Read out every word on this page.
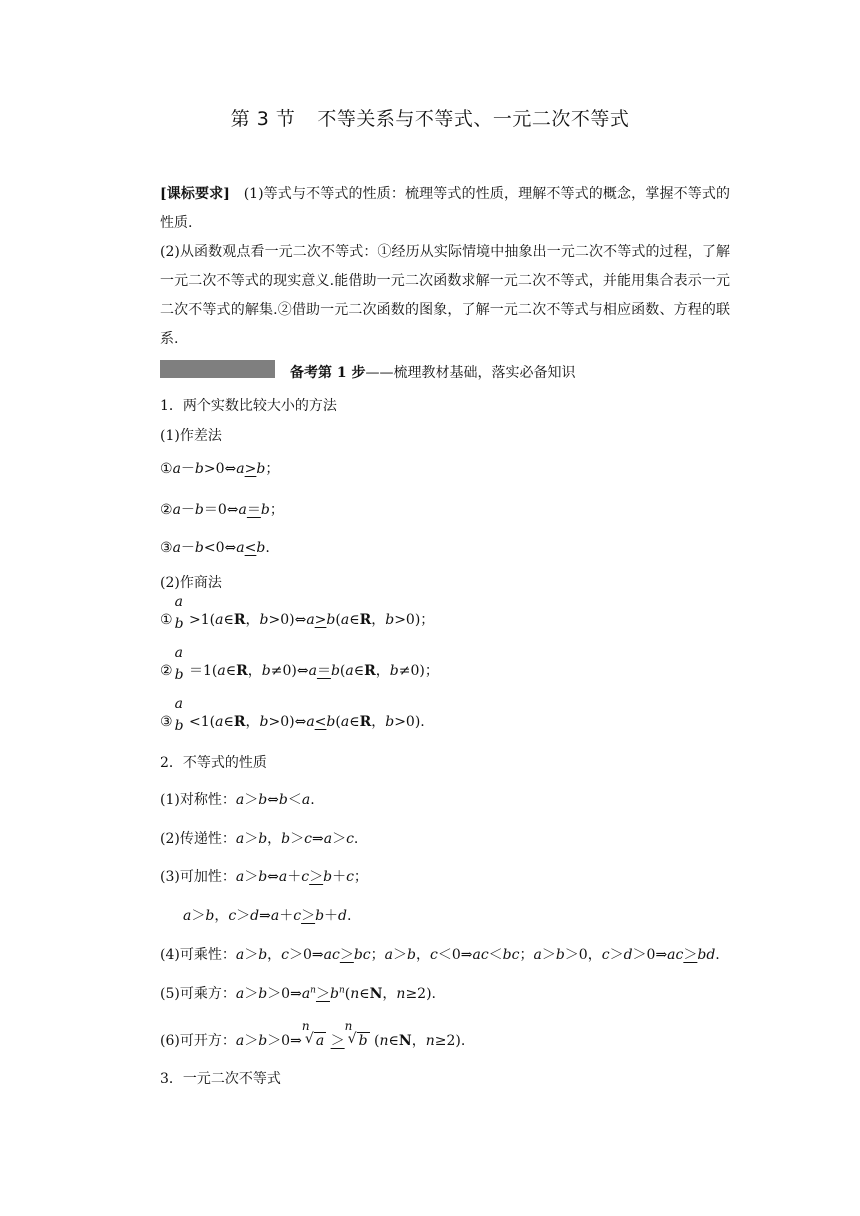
第 3 节 不等关系与不等式、一元二次不等式
[课标要求] (1)等式与不等式的性质：梳理等式的性质，理解不等式的概念，掌握不等式的性质.
(2)从函数观点看一元二次不等式：①经历从实际情境中抽象出一元二次不等式的过程，了解一元二次不等式的现实意义.能借助一元二次函数求解一元二次不等式，并能用集合表示一元二次不等式的解集.②借助一元二次函数的图象，了解一元二次不等式与相应函数、方程的联系.
备考第 1 步——梳理教材基础，落实必备知识
1．两个实数比较大小的方法
(1)作差法
①a－b>0⇔a>b；
②a－b＝0⇔a＝b；
③a－b<0⇔a<b.
(2)作商法
①
a
b >1(a∈R，b>0)⇔a>b(a∈R，b>0)；
②
a
b ＝1(a∈R，b≠0)⇔a＝b(a∈R，b≠0)；
③
a
b <1(a∈R，b>0)⇔a<b(a∈R，b>0).
2．不等式的性质
(1)对称性：a＞b⇔b＜a.
(2)传递性：a＞b，b＞c⇒a＞c.
(3)可加性：a＞b⇔a＋c＞b＋c；
a＞b，c＞d⇒a＋c＞b＋d.
(4)可乘性：a＞b，c＞0⇒ac＞bc；a＞b，c＜0⇒ac＜bc；a＞b＞0，c＞d＞0⇒ac＞bd.
(5)可乘方：$a>b>0\Rightarrow a^n>b^n(n\in N$，n≥2).
(6)可开方：a＞b＞0⇒
n
√ a ＞
n
√ b (n∈N，n≥2).
3．一元二次不等式
